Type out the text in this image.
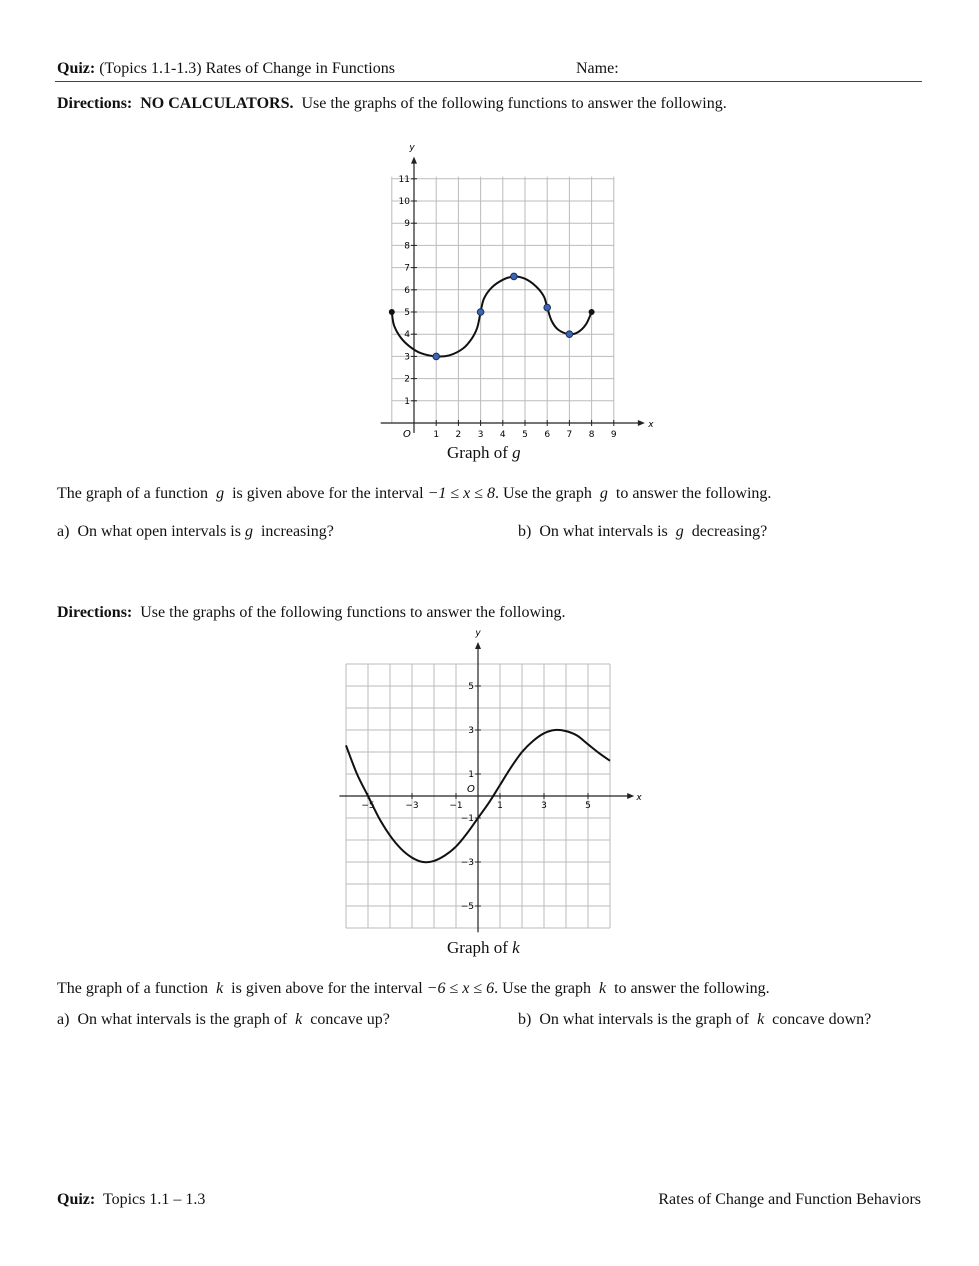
Quiz: (Topics 1.1-1.3) Rates of Change in Functions	Name:
Directions: NO CALCULATORS. Use the graphs of the following functions to answer the following.
x
y
O 1 2 3 4 5 6 7 8 9
1
2
3
4
5
6
7
8
9
10
11
Graph of g
The graph of a function g is given above for the interval −1 ≤ x ≤ 8. Use the graph g to answer the following.
a) On what open intervals is g increasing?	b) On what intervals is g decreasing?
Directions: Use the graphs of the following functions to answer the following.
x
y
O
−5	−3	−1	1	3	5
5
3
1
−1
−3
−5
Graph of k
The graph of a function k is given above for the interval −6 ≤ x ≤ 6. Use the graph k to answer the following.
a) On what intervals is the graph of k concave up?	b) On what intervals is the graph of k concave down?
Quiz: Topics 1.1 – 1.3	Rates of Change and Function Behaviors
